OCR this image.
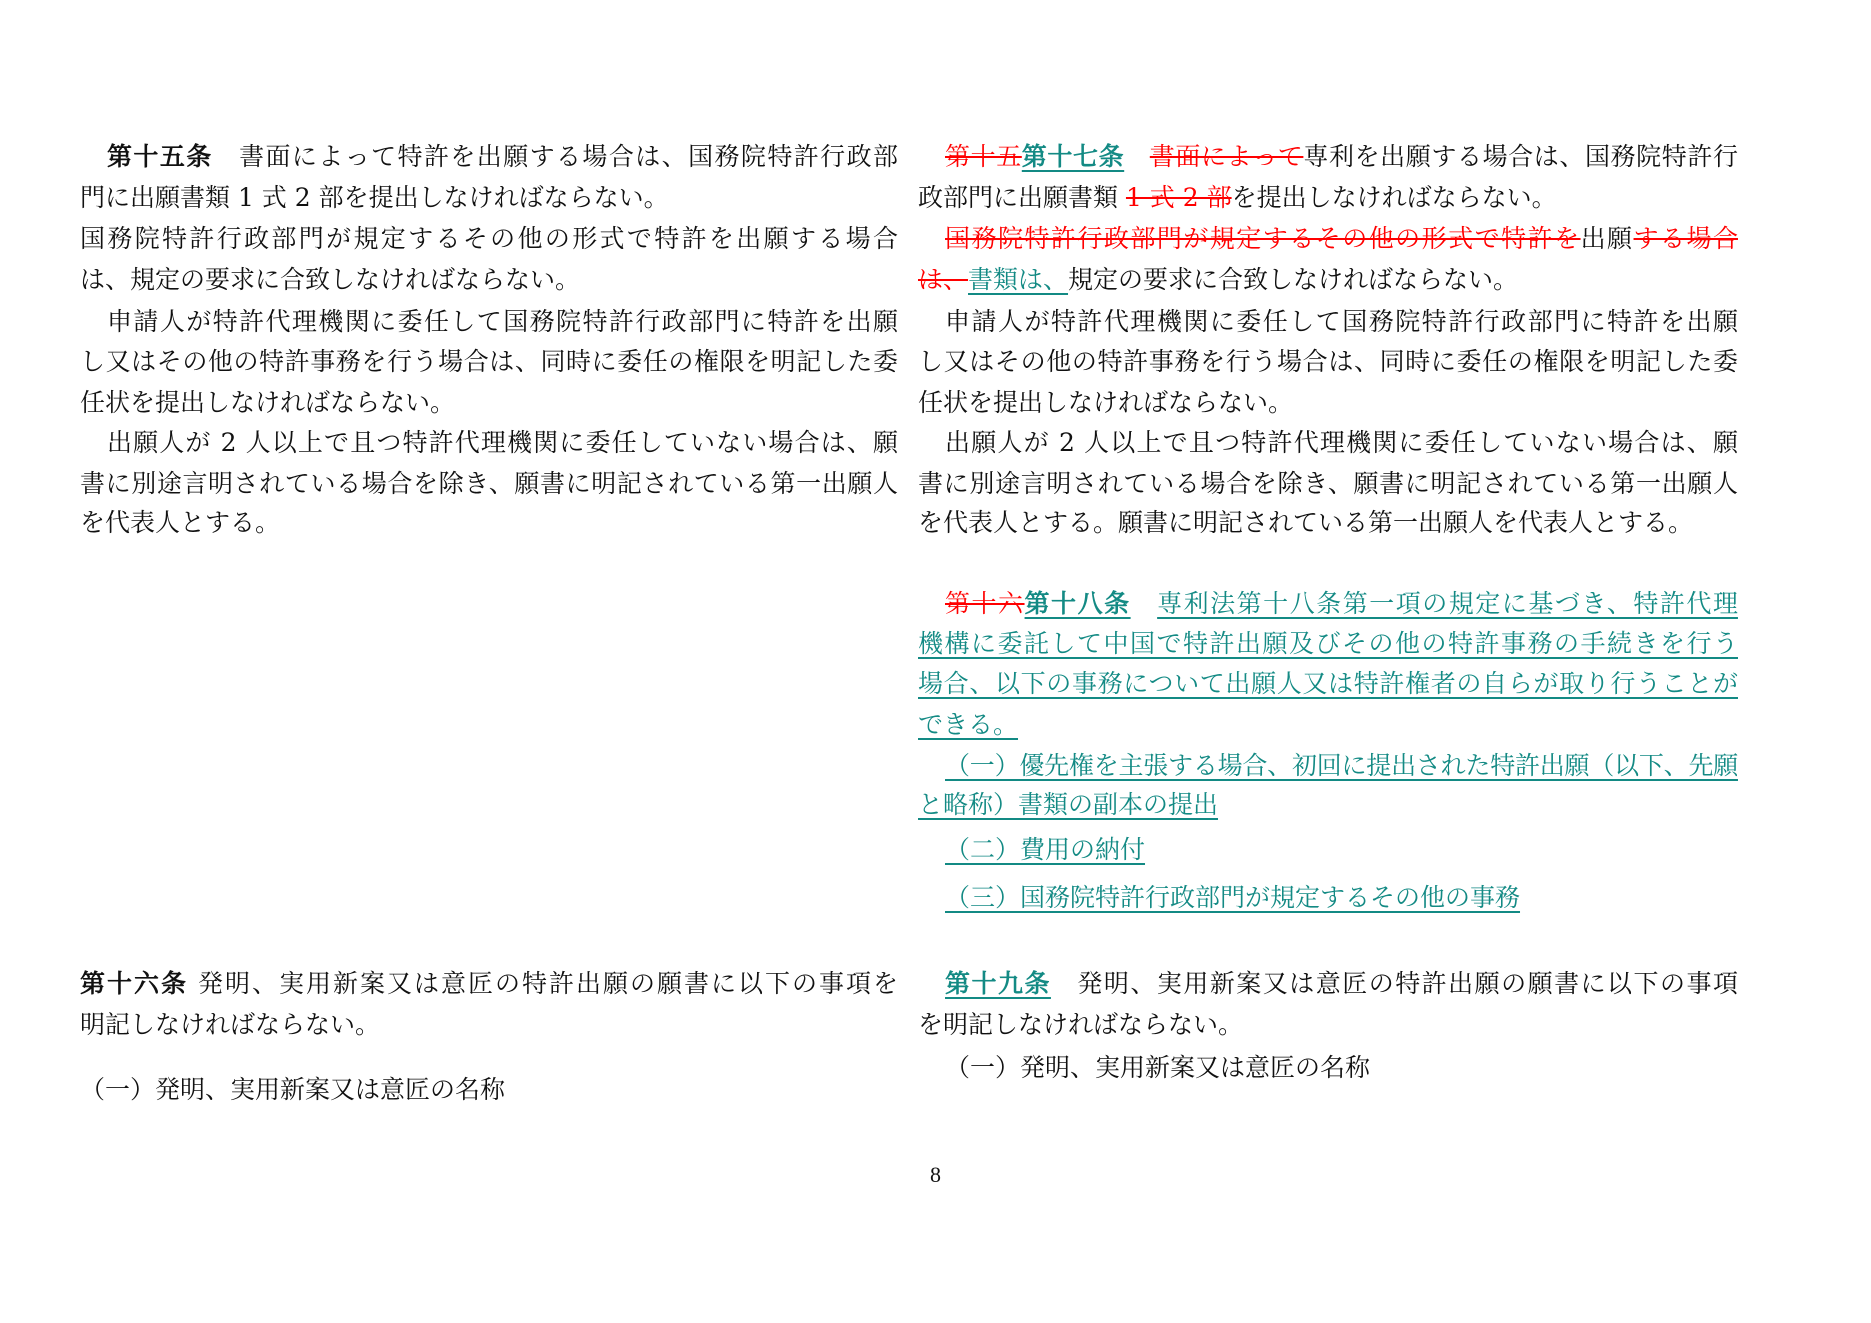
第十五条　書面によって特許を出願する場合は、国務院特許行政部
門に出願書類 1 式 2 部を提出しなければならない。
国務院特許行政部門が規定するその他の形式で特許を出願する場合
は、規定の要求に合致しなければならない。
申請人が特許代理機関に委任して国務院特許行政部門に特許を出願
し又はその他の特許事務を行う場合は、同時に委任の権限を明記した委
任状を提出しなければならない。
出願人が 2 人以上で且つ特許代理機関に委任していない場合は、願
書に別途言明されている場合を除き、願書に明記されている第一出願人
を代表人とする。
第十六条 発明、実用新案又は意匠の特許出願の願書に以下の事項を
明記しなければならない。
（一）発明、実用新案又は意匠の名称
第十五第十七条　 書面によって専利を出願する場合は、国務院特許行
政部門に出願書類 1 式 2 部を提出しなければならない。
国務院特許行政部門が規定するその他の形式で特許を出願する場合
は、書類は、規定の要求に合致しなければならない。
申請人が特許代理機関に委任して国務院特許行政部門に特許を出願
し又はその他の特許事務を行う場合は、同時に委任の権限を明記した委
任状を提出しなければならない。
出願人が 2 人以上で且つ特許代理機関に委任していない場合は、願
書に別途言明されている場合を除き、願書に明記されている第一出願人
を代表人とする。願書に明記されている第一出願人を代表人とする。
第十六第十八条　 専利法第十八条第一項の規定に基づき、特許代理
機構に委託して中国で特許出願及びその他の特許事務の手続きを行う
場合、以下の事務について出願人又は特許権者の自らが取り行うことが
できる。
（一）優先権を主張する場合、初回に提出された特許出願（以下、先願
と略称）書類の副本の提出
（二）費用の納付
（三）国務院特許行政部門が規定するその他の事務
第十九条　発明、実用新案又は意匠の特許出願の願書に以下の事項
を明記しなければならない。
（一）発明、実用新案又は意匠の名称
8
